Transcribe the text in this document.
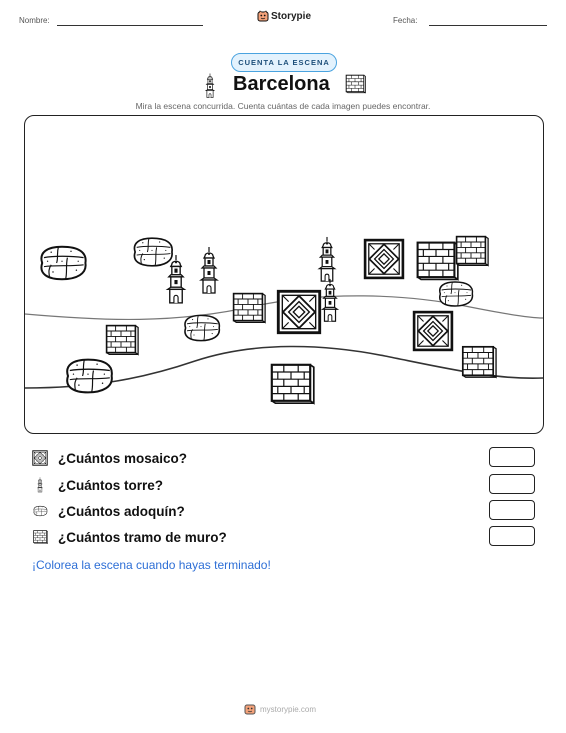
Nombre:	Storypie	Fecha:
CUENTA LA ESCENA
Barcelona
Mira la escena concurrida. Cuenta cuántas de cada imagen puedes encontrar.
¿Cuántos mosaico?
¿Cuántos torre?
¿Cuántos adoquín?
¿Cuántos tramo de muro?
¡Colorea la escena cuando hayas terminado!
mystorypie.com
